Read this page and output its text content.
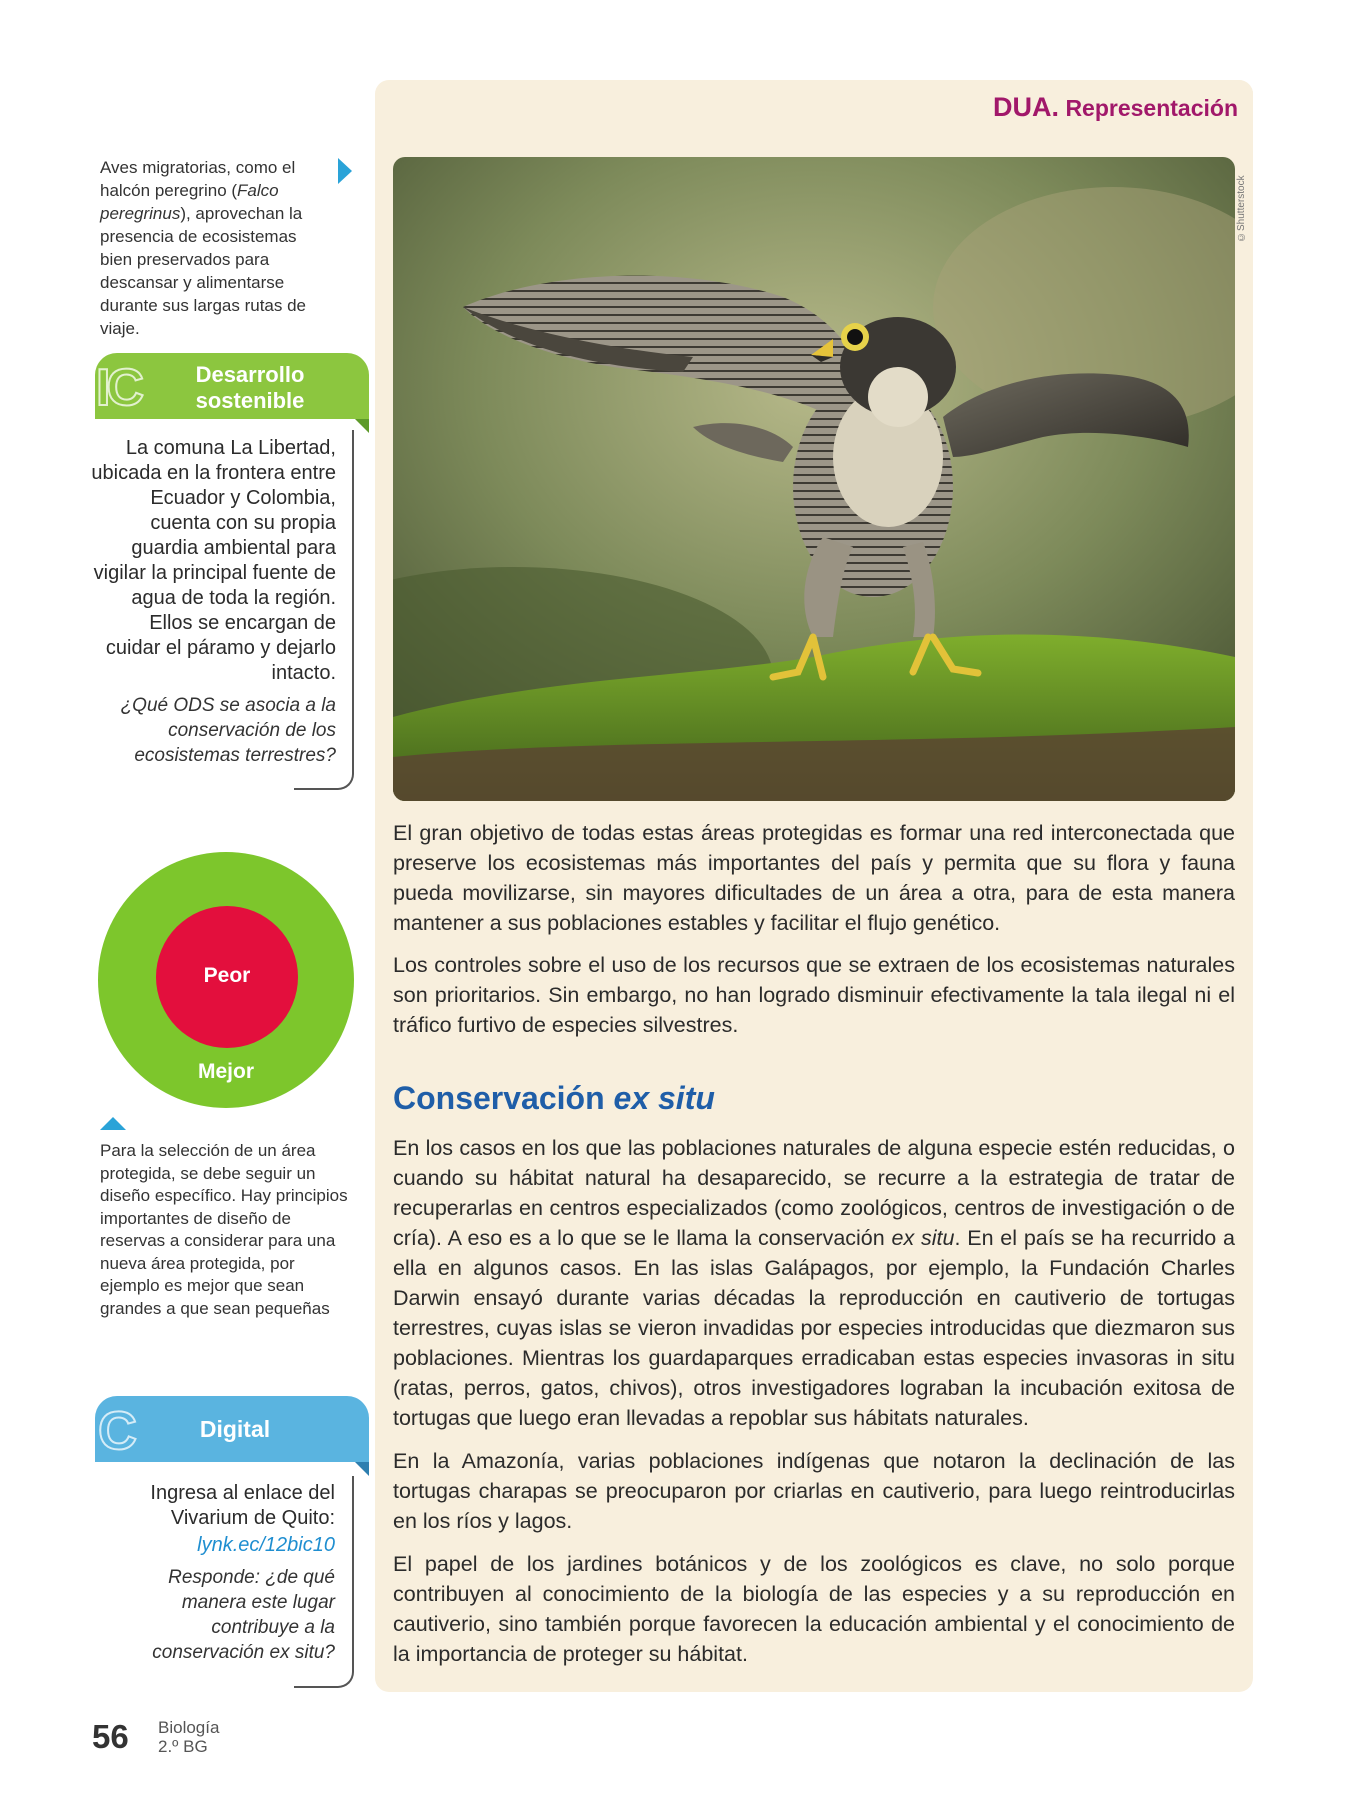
DUA. Representación
©Shutterstock
El gran objetivo de todas estas áreas protegidas es formar una red interconectada que preserve los ecosistemas más importantes del país y permita que su flora y fauna pueda movilizarse, sin mayores dificultades de un área a otra, para de esta manera mantener a sus poblaciones estables y facilitar el flujo genético.
Los controles sobre el uso de los recursos que se extraen de los ecosistemas naturales son prioritarios. Sin embargo, no han logrado disminuir efectivamente la tala ilegal ni el tráfico furtivo de especies silvestres.
Conservación ex situ
En los casos en los que las poblaciones naturales de alguna especie estén reducidas, o cuando su hábitat natural ha desaparecido, se recurre a la estrategia de tratar de recuperarlas en centros especializados (como zoológicos, centros de investigación o de cría). A eso es a lo que se le llama la conservación ex situ. En el país se ha recurrido a ella en algunos casos. En las islas Galápagos, por ejemplo, la Fundación Charles Darwin ensayó durante varias décadas la reproducción en cautiverio de tortugas terrestres, cuyas islas se vieron invadidas por especies introducidas que diezmaron sus poblaciones. Mientras los guardaparques erradicaban estas especies invasoras in situ (ratas, perros, gatos, chivos), otros investigadores lograban la incubación exitosa de tortugas que luego eran llevadas a repoblar sus hábitats naturales.
En la Amazonía, varias poblaciones indígenas que notaron la declinación de las tortugas charapas se preocuparon por criarlas en cautiverio, para luego reintroducirlas en los ríos y lagos.
El papel de los jardines botánicos y de los zoológicos es clave, no solo porque contribuyen al conocimiento de la biología de las especies y a su reproducción en cautiverio, sino también porque favorecen la educación ambiental y el conocimiento de la importancia de proteger su hábitat.
Aves migratorias, como el halcón peregrino (Falco peregrinus), aprovechan la presencia de ecosistemas bien preservados para descansar y alimentarse durante sus largas rutas de viaje.
IC	Desarrollo sostenible
La comuna La Libertad, ubicada en la frontera entre Ecuador y Colombia, cuenta con su propia guardia ambiental para vigilar la principal fuente de agua de toda la región. Ellos se encargan de cuidar el páramo y dejarlo intacto.
¿Qué ODS se asocia a la conservación de los ecosistemas terrestres?
Peor
Mejor
Para la selección de un área protegida, se debe seguir un diseño específico. Hay principios importantes de diseño de reservas a considerar para una nueva área protegida, por ejemplo es mejor que sean grandes a que sean pequeñas
C	Digital
Ingresa al enlace del Vivarium de Quito:
lynk.ec/12bic10
Responde: ¿de qué manera este lugar contribuye a la conservación ex situ?
56 Biología
2.º BG
